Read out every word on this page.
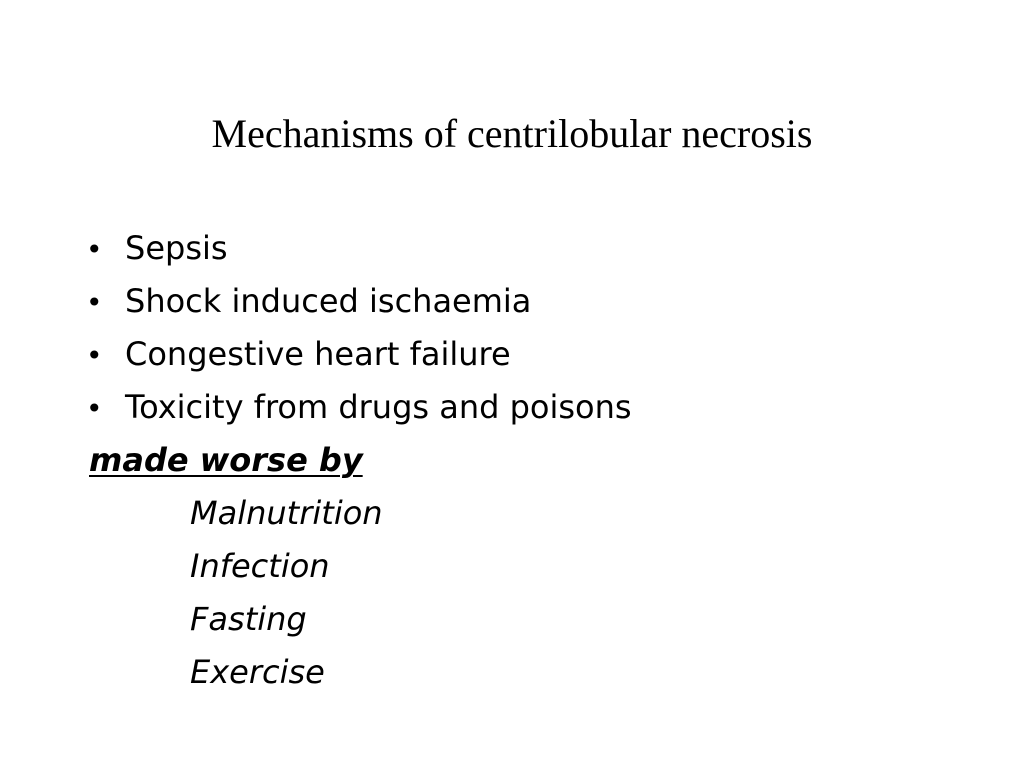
Mechanisms of centrilobular necrosis
• Sepsis
• Shock induced ischaemia
• Congestive heart failure
• Toxicity from drugs and poisons

made worse by

Malnutrition
Infection
Fasting
Exercise
